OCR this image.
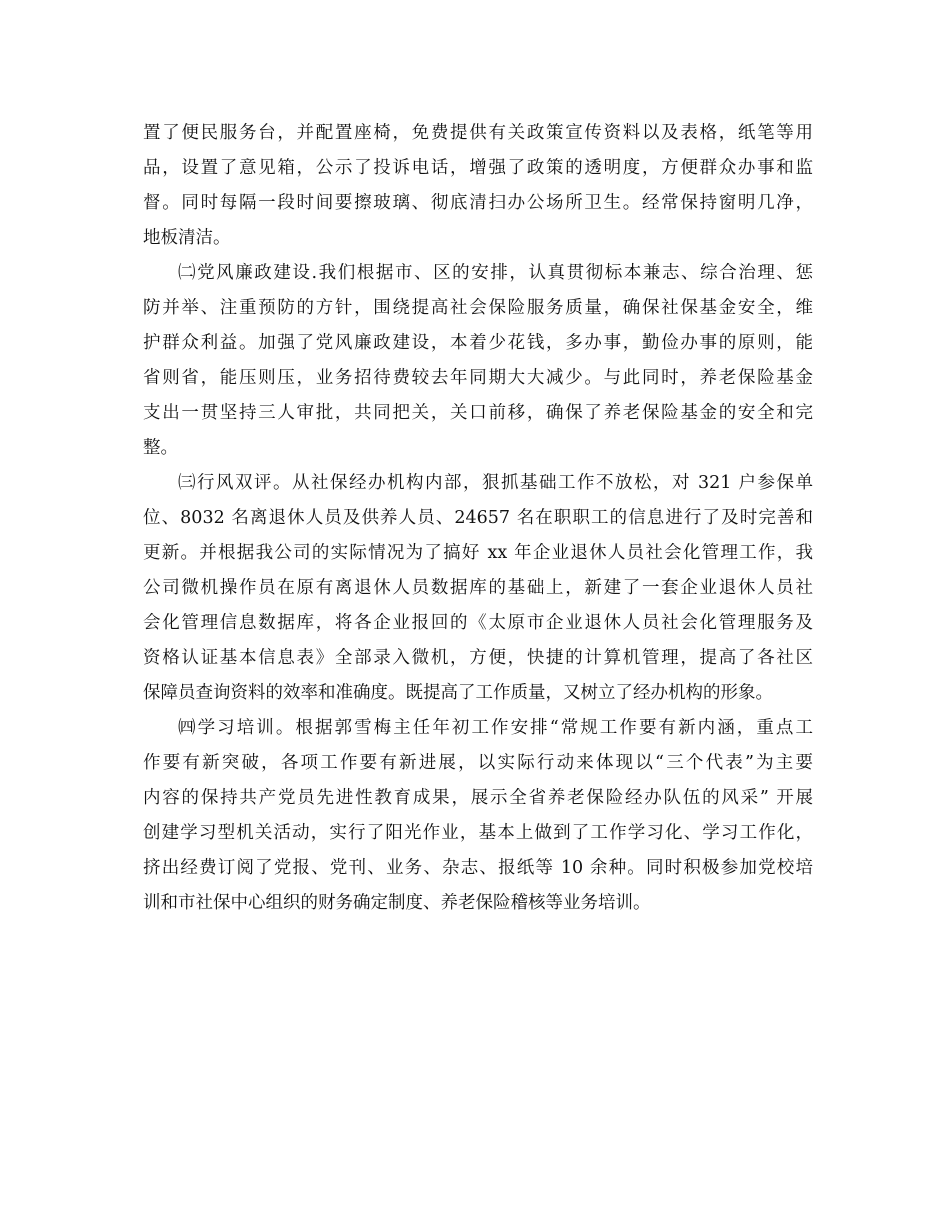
置了便民服务台，并配置座椅，免费提供有关政策宣传资料以及表格，纸笔等用
品，设置了意见箱，公示了投诉电话，增强了政策的透明度，方便群众办事和监
督。同时每隔一段时间要擦玻璃、彻底清扫办公场所卫生。经常保持窗明几净，
地板清洁。
㈡党风廉政建设.我们根据市、区的安排，认真贯彻标本兼志、综合治理、惩
防并举、注重预防的方针，围绕提高社会保险服务质量，确保社保基金安全，维
护群众利益。加强了党风廉政建设，本着少花钱，多办事，勤俭办事的原则，能
省则省，能压则压，业务招待费较去年同期大大减少。与此同时，养老保险基金
支出一贯坚持三人审批，共同把关，关口前移，确保了养老保险基金的安全和完
整。
㈢行风双评。从社保经办机构内部，狠抓基础工作不放松，对 321 户参保单
位、8032 名离退休人员及供养人员、24657 名在职职工的信息进行了及时完善和
更新。并根据我公司的实际情况为了搞好 xx 年企业退休人员社会化管理工作，我
公司微机操作员在原有离退休人员数据库的基础上，新建了一套企业退休人员社
会化管理信息数据库，将各企业报回的《太原市企业退休人员社会化管理服务及
资格认证基本信息表》全部录入微机，方便，快捷的计算机管理，提高了各社区
保障员查询资料的效率和准确度。既提高了工作质量，又树立了经办机构的形象。
㈣学习培训。根据郭雪梅主任年初工作安排“常规工作要有新内涵，重点工
作要有新突破，各项工作要有新进展，以实际行动来体现以“三个代表”为主要
内容的保持共产党员先进性教育成果，展示全省养老保险经办队伍的风采” 开展
创建学习型机关活动，实行了阳光作业，基本上做到了工作学习化、学习工作化，
挤出经费订阅了党报、党刊、业务、杂志、报纸等 10 余种。同时积极参加党校培
训和市社保中心组织的财务确定制度、养老保险稽核等业务培训。
